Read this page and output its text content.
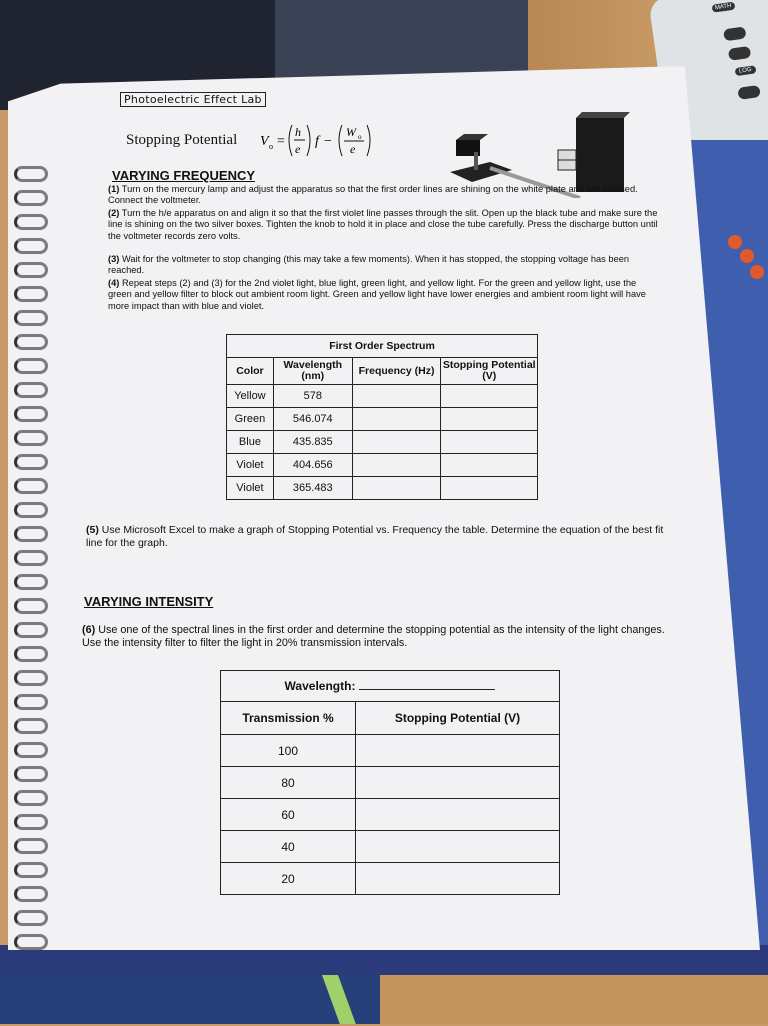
MATH
LOG
Photoelectric Effect Lab
Stopping Potential V o =
h
e f −
W o
e
VARYING FREQUENCY
(1) Turn on the mercury lamp and adjust the apparatus so that the first order lines are shining on the white plate and are focused. Connect the voltmeter.
(2) Turn the h/e apparatus on and align it so that the first violet line passes through the slit. Open up the black tube and make sure the line is shining on the two silver boxes. Tighten the knob to hold it in place and close the tube carefully. Press the discharge button until the voltmeter records zero volts.
(3) Wait for the voltmeter to stop changing (this may take a few moments). When it has stopped, the stopping voltage has been reached.
(4) Repeat steps (2) and (3) for the 2nd violet light, blue light, green light, and yellow light. For the green and yellow light, use the green and yellow filter to block out ambient room light. Green and yellow light have lower energies and ambient room light will have more impact than with blue and violet.
First Order Spectrum			
Color	Wavelength (nm)	Frequency (Hz)	Stopping Potential (V)
Yellow	578		
Green	546.074		
Blue	435.835		
Violet	404.656		
Violet	365.483		
(5) Use Microsoft Excel to make a graph of Stopping Potential vs. Frequency the table. Determine the equation of the best fit line for the graph.
VARYING INTENSITY
(6) Use one of the spectral lines in the first order and determine the stopping potential as the intensity of the light changes. Use the intensity filter to filter the light in 20% transmission intervals.
Wavelength:	
Transmission %	Stopping Potential (V)
100	
80	
60	
40	
20	
